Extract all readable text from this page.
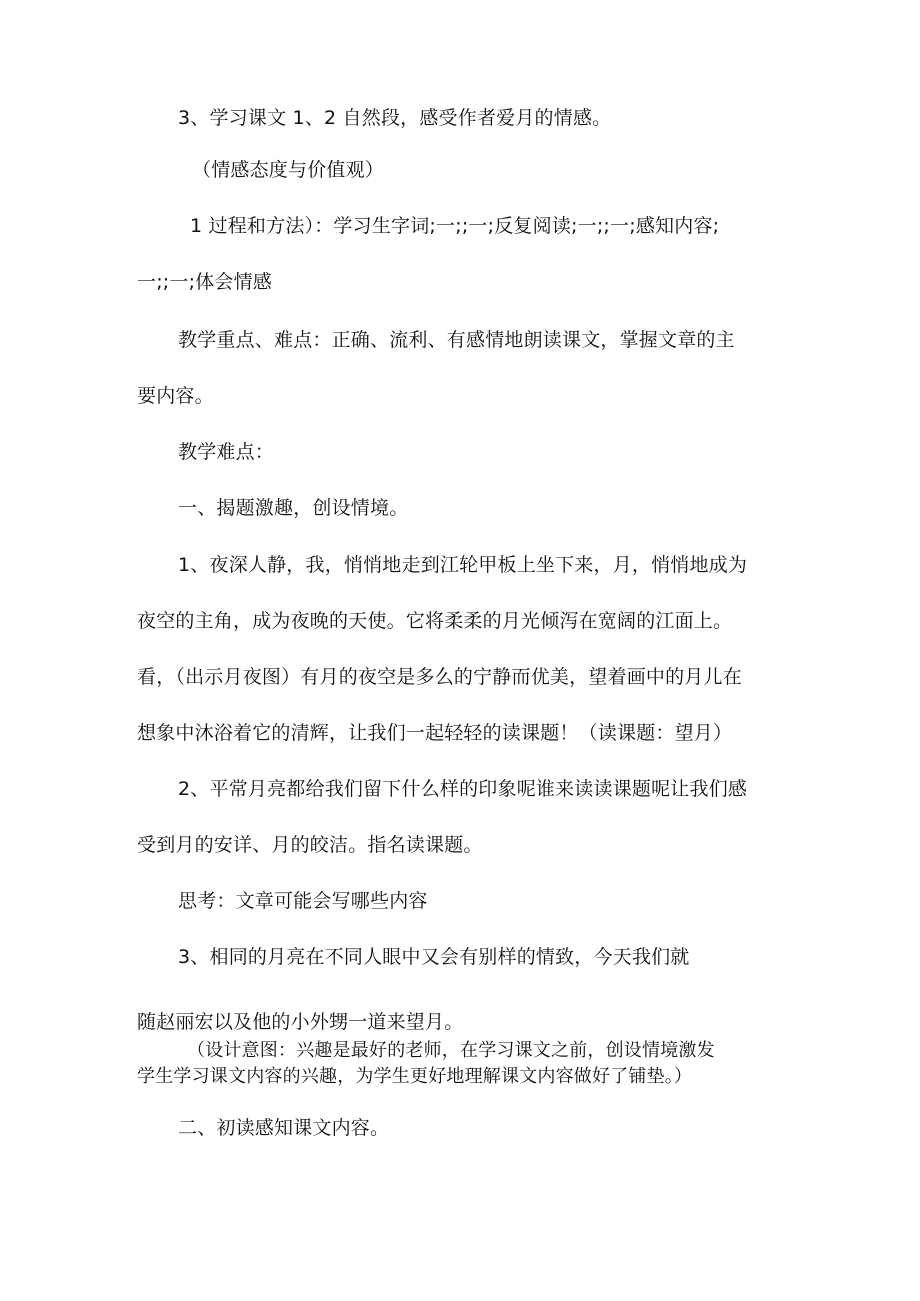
3、学习课文 1、2 自然段，感受作者爱月的情感。
（情感态度与价值观）
1 过程和方法）：学习生字词;一;;一;反复阅读;一;;一;感知内容;
一;;一;体会情感
教学重点、难点：正确、流利、有感情地朗读课文，掌握文章的主
要内容。
教学难点：
一、揭题激趣，创设情境。
1、夜深人静，我，悄悄地走到江轮甲板上坐下来，月，悄悄地成为
夜空的主角，成为夜晚的天使。它将柔柔的月光倾泻在宽阔的江面上。
看，（出示月夜图）有月的夜空是多么的宁静而优美，望着画中的月儿在
想象中沐浴着它的清辉，让我们一起轻轻的读课题！（读课题：望月）
2、平常月亮都给我们留下什么样的印象呢谁来读读课题呢让我们感
受到月的安详、月的皎洁。指名读课题。
思考：文章可能会写哪些内容
3、相同的月亮在不同人眼中又会有别样的情致，今天我们就
随赵丽宏以及他的小外甥一道来望月。
（设计意图：兴趣是最好的老师，在学习课文之前，创设情境激发
学生学习课文内容的兴趣，为学生更好地理解课文内容做好了铺垫。）
二、初读感知课文内容。
